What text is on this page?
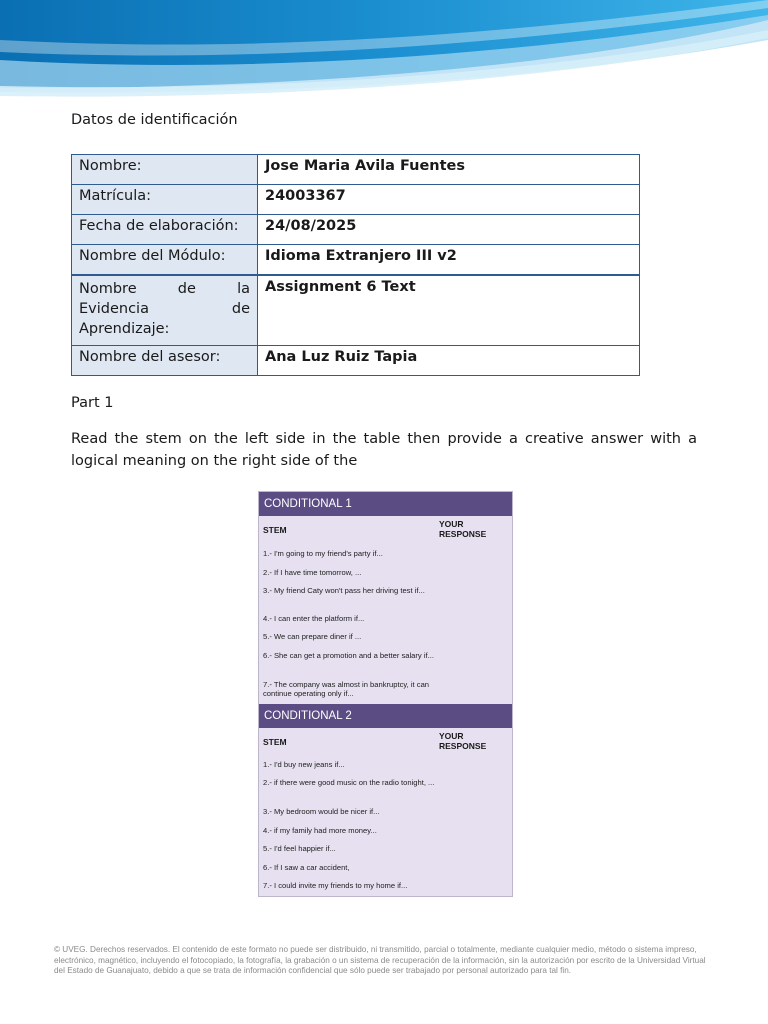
Datos de identificación
Nombre:	Jose Maria Avila Fuentes
Matrícula:	24003367
Fecha de elaboración:	24/08/2025
Nombre del Módulo:	Idioma Extranjero III v2
Nombre de la Evidencia de Aprendizaje:	Assignment 6 Text
Nombre del asesor:	Ana Luz Ruiz Tapia
Part 1
Read the stem on the left side in the table then provide a creative answer with a logical meaning on the right side of the
CONDITIONAL 1
STEM
YOUR RESPONSE
1.- I'm going to my friend's party if...
2.- If I have time tomorrow, ...
3.- My friend Caty won't pass her driving test if...
4.- I can enter the platform if...
5.- We can prepare diner if ...
6.- She can get a promotion and a better salary if...
7.- The company was almost in bankruptcy, it can continue operating only if...
CONDITIONAL 2
STEM
YOUR RESPONSE
1.- I'd buy new jeans if...
2.- if there were good music on the radio tonight, ...
3.- My bedroom would be nicer if...
4.- if my family had more money...
5.- I'd feel happier if...
6.- If I saw a car accident,
7.- I could invite my friends to my home if...
© UVEG. Derechos reservados. El contenido de este formato no puede ser distribuido, ni transmitido, parcial o totalmente, mediante cualquier medio, método o sistema impreso, electrónico, magnético, incluyendo el fotocopiado, la fotografía, la grabación o un sistema de recuperación de la información, sin la autorización por escrito de la Universidad Virtual del Estado de Guanajuato, debido a que se trata de información confidencial que sólo puede ser trabajado por personal autorizado para tal fin.
